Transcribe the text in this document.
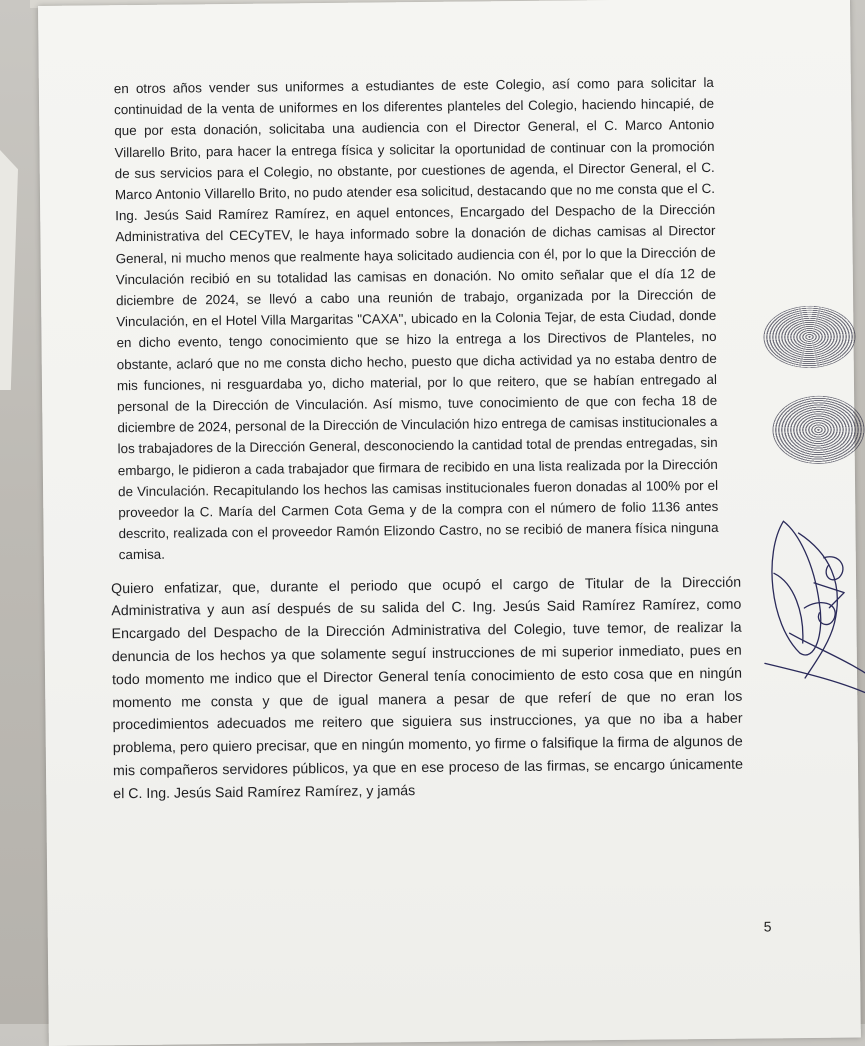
en otros años vender sus uniformes a estudiantes de este Colegio, así como para solicitar la continuidad de la venta de uniformes en los diferentes planteles del Colegio, haciendo hincapié, de que por esta donación, solicitaba una audiencia con el Director General, el C. Marco Antonio Villarello Brito, para hacer la entrega física y solicitar la oportunidad de continuar con la promoción de sus servicios para el Colegio, no obstante, por cuestiones de agenda, el Director General, el C. Marco Antonio Villarello Brito, no pudo atender esa solicitud, destacando que no me consta que el C. Ing. Jesús Said Ramírez Ramírez, en aquel entonces, Encargado del Despacho de la Dirección Administrativa del CECyTEV, le haya informado sobre la donación de dichas camisas al Director General, ni mucho menos que realmente haya solicitado audiencia con él, por lo que la Dirección de Vinculación recibió en su totalidad las camisas en donación. No omito señalar que el día 12 de diciembre de 2024, se llevó a cabo una reunión de trabajo, organizada por la Dirección de Vinculación, en el Hotel Villa Margaritas "CAXA", ubicado en la Colonia Tejar, de esta Ciudad, donde en dicho evento, tengo conocimiento que se hizo la entrega a los Directivos de Planteles, no obstante, aclaró que no me consta dicho hecho, puesto que dicha actividad ya no estaba dentro de mis funciones, ni resguardaba yo, dicho material, por lo que reitero, que se habían entregado al personal de la Dirección de Vinculación. Así mismo, tuve conocimiento de que con fecha 18 de diciembre de 2024, personal de la Dirección de Vinculación hizo entrega de camisas institucionales a los trabajadores de la Dirección General, desconociendo la cantidad total de prendas entregadas, sin embargo, le pidieron a cada trabajador que firmara de recibido en una lista realizada por la Dirección de Vinculación. Recapitulando los hechos las camisas institucionales fueron donadas al 100% por el proveedor la C. María del Carmen Cota Gema y de la compra con el número de folio 1136 antes descrito, realizada con el proveedor Ramón Elizondo Castro, no se recibió de manera física ninguna camisa.

Quiero enfatizar, que, durante el periodo que ocupó el cargo de Titular de la Dirección Administrativa y aun así después de su salida del C. Ing. Jesús Said Ramírez Ramírez, como Encargado del Despacho de la Dirección Administrativa del Colegio, tuve temor, de realizar la denuncia de los hechos ya que solamente seguí instrucciones de mi superior inmediato, pues en todo momento me indico que el Director General tenía conocimiento de esto cosa que en ningún momento me consta y que de igual manera a pesar de que referí de que no eran los procedimientos adecuados me reitero que siguiera sus instrucciones, ya que no iba a haber problema, pero quiero precisar, que en ningún momento, yo firme o falsifique la firma de algunos de mis compañeros servidores públicos, ya que en ese proceso de las firmas, se encargo únicamente el C. Ing. Jesús Said Ramírez Ramírez, y jamás

5
